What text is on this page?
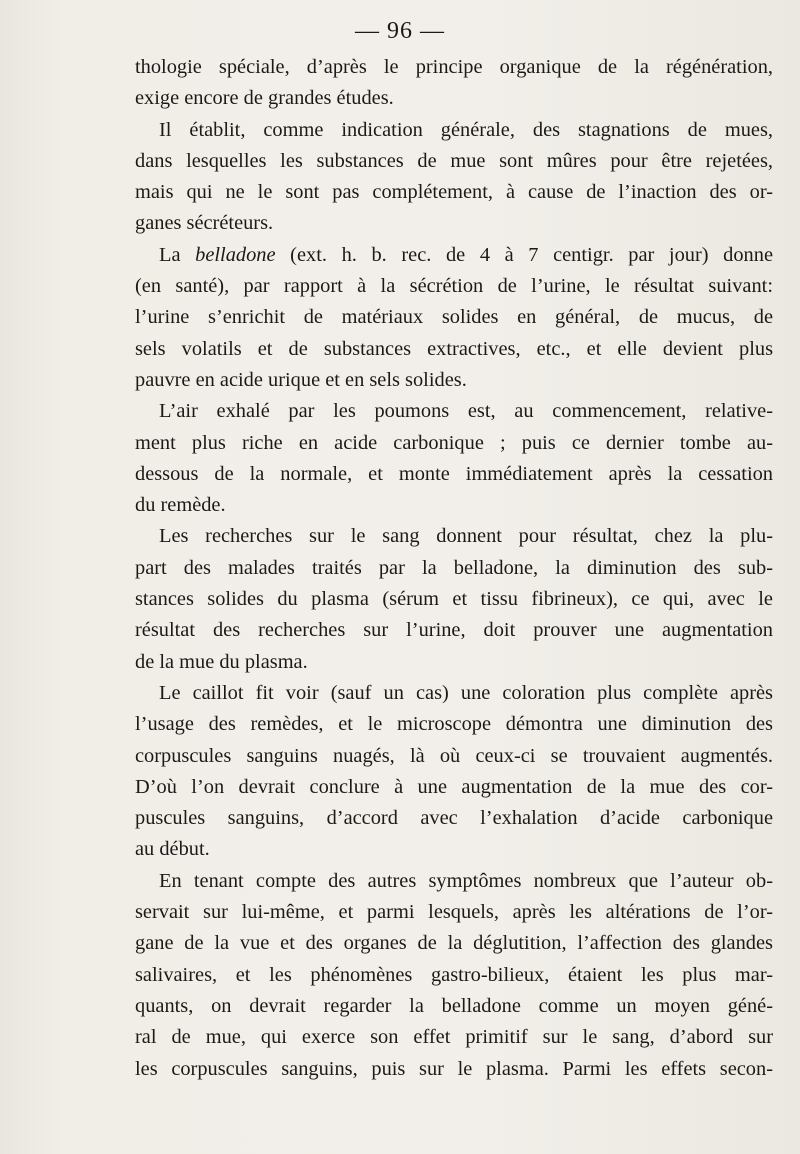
— 96 —

thologie spéciale, d’après le principe organique de la régénération,
exige encore de grandes études.

Il établit, comme indication générale, des stagnations de mues,
dans lesquelles les substances de mue sont mûres pour être rejetées,
mais qui ne le sont pas complétement, à cause de l’inaction des or-
ganes sécréteurs.

La belladone (ext. h. b. rec. de 4 à 7 centigr. par jour) donne
(en santé), par rapport à la sécrétion de l’urine, le résultat suivant:
l’urine s’enrichit de matériaux solides en général, de mucus, de
sels volatils et de substances extractives, etc., et elle devient plus
pauvre en acide urique et en sels solides.

L’air exhalé par les poumons est, au commencement, relative-
ment plus riche en acide carbonique ; puis ce dernier tombe au-
dessous de la normale, et monte immédiatement après la cessation
du remède.

Les recherches sur le sang donnent pour résultat, chez la plu-
part des malades traités par la belladone, la diminution des sub-
stances solides du plasma (sérum et tissu fibrineux), ce qui, avec le
résultat des recherches sur l’urine, doit prouver une augmentation
de la mue du plasma.

Le caillot fit voir (sauf un cas) une coloration plus complète après
l’usage des remèdes, et le microscope démontra une diminution des
corpuscules sanguins nuagés, là où ceux-ci se trouvaient augmentés.
D’où l’on devrait conclure à une augmentation de la mue des cor-
puscules sanguins, d’accord avec l’exhalation d’acide carbonique
au début.

En tenant compte des autres symptômes nombreux que l’auteur ob-
servait sur lui-même, et parmi lesquels, après les altérations de l’or-
gane de la vue et des organes de la déglutition, l’affection des glandes
salivaires, et les phénomènes gastro-bilieux, étaient les plus mar-
quants, on devrait regarder la belladone comme un moyen géné-
ral de mue, qui exerce son effet primitif sur le sang, d’abord sur
les corpuscules sanguins, puis sur le plasma. Parmi les effets secon-
